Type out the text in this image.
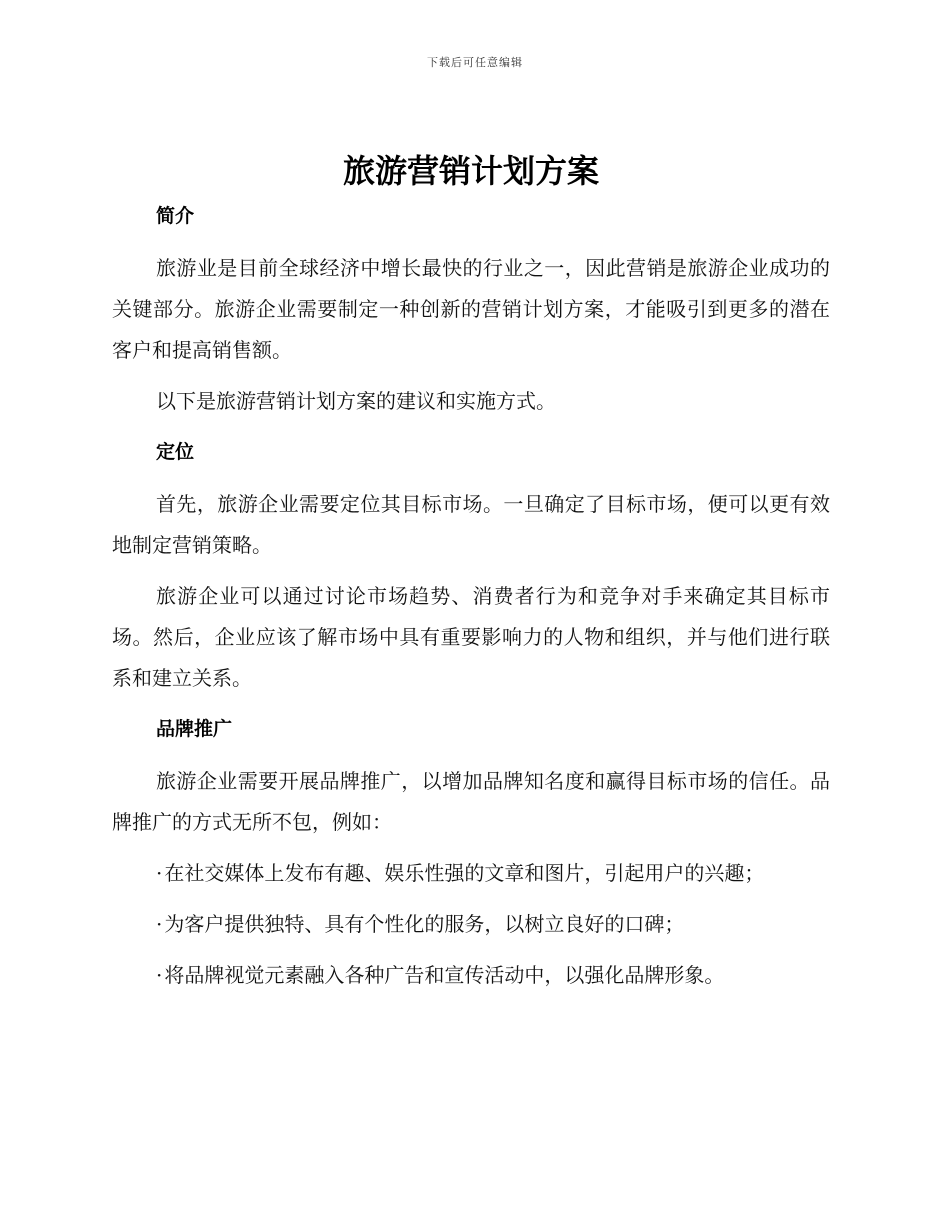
下载后可任意编辑
旅游营销计划方案
简介

旅游业是目前全球经济中增长最快的行业之一，因此营销是旅游企业成功的关键部分。旅游企业需要制定一种创新的营销计划方案，才能吸引到更多的潜在客户和提高销售额。

以下是旅游营销计划方案的建议和实施方式。

定位

首先，旅游企业需要定位其目标市场。一旦确定了目标市场，便可以更有效地制定营销策略。

旅游企业可以通过讨论市场趋势、消费者行为和竞争对手来确定其目标市场。然后，企业应该了解市场中具有重要影响力的人物和组织，并与他们进行联系和建立关系。

品牌推广

旅游企业需要开展品牌推广，以增加品牌知名度和赢得目标市场的信任。品牌推广的方式无所不包，例如：

· 在社交媒体上发布有趣、娱乐性强的文章和图片，引起用户的兴趣；

· 为客户提供独特、具有个性化的服务，以树立良好的口碑；

· 将品牌视觉元素融入各种广告和宣传活动中，以强化品牌形象。
